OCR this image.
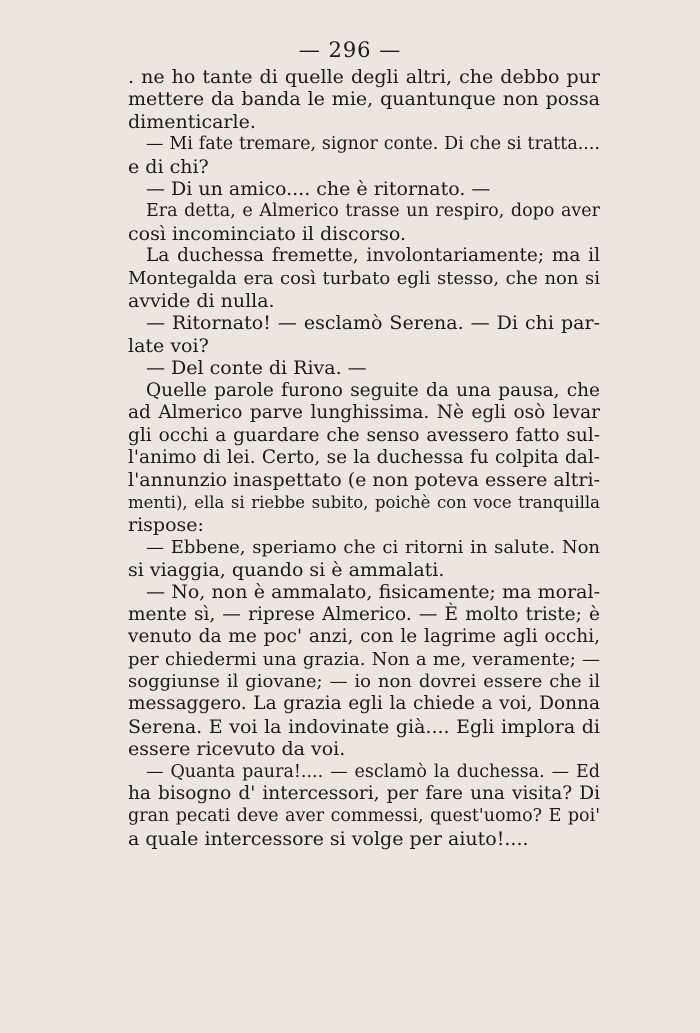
— 296 —
. ne ho tante di quelle degli altri, che debbo pur
mettere da banda le mie, quantunque non possa
dimenticarle.
— Mi fate tremare, signor conte. Di che si tratta....
e di chi?
— Di un amico.... che è ritornato. —
Era detta, e Almerico trasse un respiro, dopo aver
così incominciato il discorso.
La duchessa fremette, involontariamente; ma il
Montegalda era così turbato egli stesso, che non si
avvide di nulla.
— Ritornato! — esclamò Serena. — Di chi par-
late voi?
— Del conte di Riva. —
Quelle parole furono seguite da una pausa, che
ad Almerico parve lunghissima. Nè egli osò levar
gli occhi a guardare che senso avessero fatto sul-
l'animo di lei. Certo, se la duchessa fu colpita dal-
l'annunzio inaspettato (e non poteva essere altri-
menti), ella si riebbe subito, poichè con voce tranquilla
rispose:
— Ebbene, speriamo che ci ritorni in salute. Non
si viaggia, quando si è ammalati.
— No, non è ammalato, fisicamente; ma moral-
mente sì, — riprese Almerico. — È molto triste; è
venuto da me poc' anzi, con le lagrime agli occhi,
per chiedermi una grazia. Non a me, veramente; —
soggiunse il giovane; — io non dovrei essere che il
messaggero. La grazia egli la chiede a voi, Donna
Serena. E voi la indovinate già.... Egli implora di
essere ricevuto da voi.
— Quanta paura!.... — esclamò la duchessa. — Ed
ha bisogno d' intercessori, per fare una visita? Di
gran pecati deve aver commessi, quest'uomo? E poi'
a quale intercessore si volge per aiuto!....
